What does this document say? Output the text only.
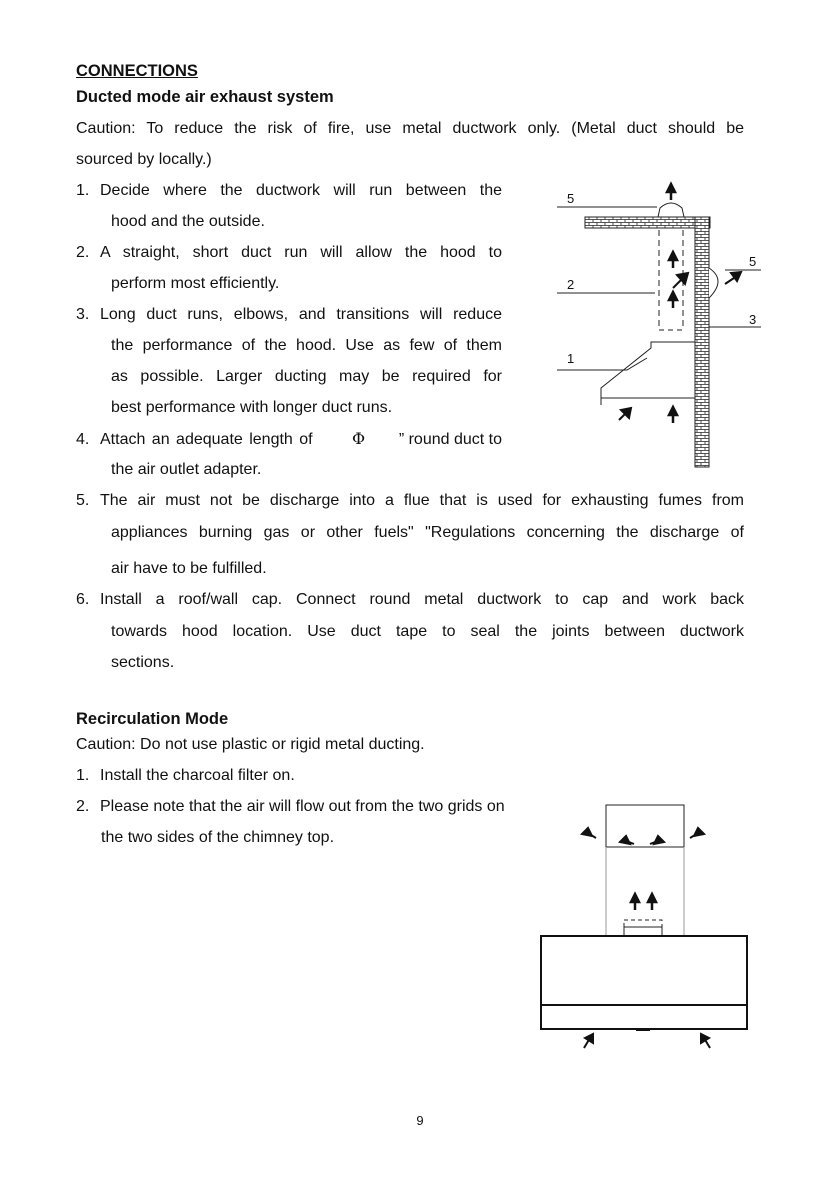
CONNECTIONS
Ducted mode air exhaust system
Caution: To reduce the risk of fire, use metal ductwork only. (Metal duct should be
sourced by locally.)
1. Decide where the ductwork will run between the
hood and the outside.
2. A straight, short duct run will allow the hood to
perform most efficiently.
3. Long duct runs, elbows, and transitions will reduce
the performance of the hood. Use as few of them
as possible. Larger ducting may be required for
best performance with longer duct runs.
4. Attach an adequate length of Φ	” round duct to
the air outlet adapter.
5. The air must not be discharge into a flue that is used for exhausting fumes from
appliances burning gas or other fuels" "Regulations concerning the discharge of
air have to be fulfilled.
6. Install a roof/wall cap. Connect round metal ductwork to cap and work back
towards hood location. Use duct tape to seal the joints between ductwork
sections.
Recirculation Mode
Caution: Do not use plastic or rigid metal ducting.
1. Install the charcoal filter on.
2. Please note that the air will flow out from the two grids on
the two sides of the chimney top.
5
2
1
5
3
9
